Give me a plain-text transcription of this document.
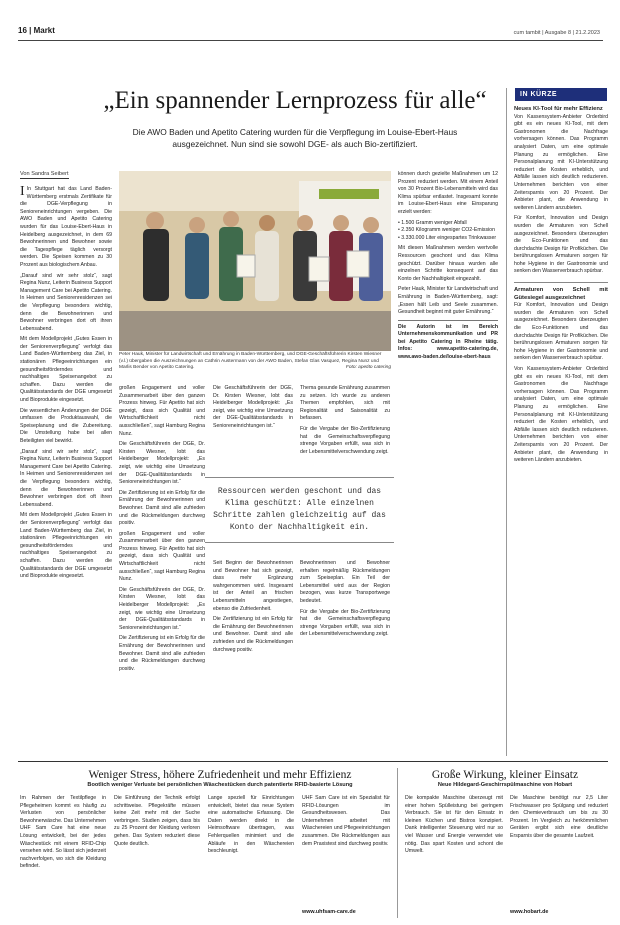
16 | Markt	cum tambit | Ausgabe 8 | 21.2.2023
„Ein spannender Lernprozess für alle“
Die AWO Baden und Apetito Catering wurden für die Verpflegung im Louise-Ebert-Haus
ausgezeichnet. Nun sind sie sowohl DGE- als auch Bio-zertifiziert.
Von Sandra Seibert

I In Stuttgart hat das Land Baden-Württemberg erstmals Zertifikate für die DGE-Verpflegung in Senioreneinrichtungen vergeben. Die AWO Baden und Apetito Catering wurden für das Louise-Ebert-Haus in Heidelberg ausgezeichnet, in dem 69 Bewohnerinnen und Bewohner sowie die Tagespflege täglich versorgt werden. Die Speisen kommen zu 30 Prozent aus biologischem Anbau.

„Darauf sind wir sehr stolz“, sagt Regina Nunz, Leiterin Business Support Management Care bei Apetito Catering. In Heimen und Seniorenresidenzen sei die Verpflegung besonders wichtig, denn die Bewohnerinnen und Bewohner verbringen dort oft ihren Lebensabend.

Mit dem Modellprojekt „Gutes Essen in der Seniorenverpflegung“ verfolgt das Land Baden-Württemberg das Ziel, in stationären Pflegeeinrichtungen ein gesundheitsförderndes und nachhaltiges Speisenangebot zu schaffen. Dazu werden die Qualitätsstandards der DGE umgesetzt und Bioprodukte eingesetzt.

Die wesentlichen Änderungen der DGE umfassen die Produktauswahl, die Speiseplanung und die Zubereitung. Die Umstellung habe bei allen Beteiligten viel bewirkt.

„Darauf sind wir sehr stolz“, sagt Regina Nunz, Leiterin Business Support Management Care bei Apetito Catering. In Heimen und Seniorenresidenzen sei die Verpflegung besonders wichtig, denn die Bewohnerinnen und Bewohner verbringen dort oft ihren Lebensabend.

Mit dem Modellprojekt „Gutes Essen in der Seniorenverpflegung“ verfolgt das Land Baden-Württemberg das Ziel, in stationären Pflegeeinrichtungen ein gesundheitsförderndes und nachhaltiges Speisenangebot zu schaffen. Dazu werden die Qualitätsstandards der DGE umgesetzt und Bioprodukte eingesetzt.

Peter Hauk, Minister für Landwirtschaft und Ernährung in Baden-Württemberg, und DGE-Geschäftsführerin Kirsten Wiesner (v.l.) übergaben die Auszeichnungen an Cathrin Austermann von der AWO Baden, Stefan Glas Vasquez, Regina Nunz und Marlis Bender von Apetito Catering.	Foto: apetito catering

großen Engagement und voller Zusammenarbeit über den ganzen Prozess hinweg. Für Apetito hat sich gezeigt, dass sich Qualität und Wirtschaftlichkeit nicht ausschließen“, sagt Hamburg Regina Nunz.

Die Geschäftsführerin der DGE, Dr. Kirsten Wiesner, lobt das Heidelberger Modellprojekt: „Es zeigt, wie wichtig eine Umsetzung der DGE-Qualitätsstandards in Senioreneinrichtungen ist.“

Die Zertifizierung ist ein Erfolg für die Ernährung der Bewohnerinnen und Bewohner. Damit sind alle zufrieden und die Rückmeldungen durchweg positiv.

großen Engagement und voller Zusammenarbeit über den ganzen Prozess hinweg. Für Apetito hat sich gezeigt, dass sich Qualität und Wirtschaftlichkeit nicht ausschließen“, sagt Hamburg Regina Nunz.

Die Geschäftsführerin der DGE, Dr. Kirsten Wiesner, lobt das Heidelberger Modellprojekt: „Es zeigt, wie wichtig eine Umsetzung der DGE-Qualitätsstandards in Senioreneinrichtungen ist.“

Die Zertifizierung ist ein Erfolg für die Ernährung der Bewohnerinnen und Bewohner. Damit sind alle zufrieden und die Rückmeldungen durchweg positiv.

Die Geschäftsführerin der DGE, Dr. Kirsten Wiesner, lobt das Heidelberger Modellprojekt: „Es zeigt, wie wichtig eine Umsetzung der DGE-Qualitätsstandards in Senioreneinrichtungen ist.“

Thema gesunde Ernährung zusammen zu setzen. Ich wurde zu anderen Themen empfohlen, sich mit Regionalität und Saisonalität zu befassen.

Für die Vergabe der Bio-Zertifizierung hat die Gemeinschaftsverpflegung strenge Vorgaben erfüllt, was sich in der Lebensmittelverschwendung zeigt.

Ressourcen werden geschont und das Klima geschützt: Alle einzelnen Schritte zahlen gleichzeitig auf das Konto der Nachhaltigkeit ein.

Seit Beginn der Bewohnerinnen und Bewohner hat sich gezeigt, dass mehr Ergänzung wahrgenommen wird. Insgesamt ist der Anteil an frischen Lebensmitteln angestiegen, ebenso die Zufriedenheit.

Die Zertifizierung ist ein Erfolg für die Ernährung der Bewohnerinnen und Bewohner. Damit sind alle zufrieden und die Rückmeldungen durchweg positiv.

Bewohnerinnen und Bewohner erhalten regelmäßig Rückmeldungen zum Speiseplan. Ein Teil der Lebensmittel wird aus der Region bezogen, was kurze Transportwege bedeutet.

Für die Vergabe der Bio-Zertifizierung hat die Gemeinschaftsverpflegung strenge Vorgaben erfüllt, was sich in der Lebensmittelverschwendung zeigt.

können durch gezielte Maßnahmen um 12 Prozent reduziert werden. Mit einem Anteil von 30 Prozent Bio-Lebensmitteln wird das Klima spürbar entlastet. Insgesamt konnte im Louise-Ebert-Haus eine Einsparung erzielt werden:

• 1.500 Gramm weniger Abfall

• 2.350 Kilogramm weniger CO2-Emission

• 3.330.000 Liter eingespartes Trinkwasser

Mit diesen Maßnahmen werden wertvolle Ressourcen geschont und das Klima geschützt. Darüber hinaus wurden alle einzelnen Schritte konsequent auf das Konto der Nachhaltigkeit eingezahlt.

Peter Hauk, Minister für Landwirtschaft und Ernährung in Baden-Württemberg, sagt: „Essen hält Leib und Seele zusammen. Gesundheit beginnt mit guter Ernährung.“

Die Autorin ist im Bereich Unternehmenskommunikation und PR bei Apetito Catering in Rheine tätig. Infos: www.apetito-catering.de, www.awo-baden.de/louise-ebert-haus

IN KÜRZE
Neues KI-Tool für mehr Effizienz

Von Kassensystem-Anbieter Orderbird gibt es ein neues KI-Tool, mit dem Gastronomen die Nachfrage vorhersagen können. Das Programm analysiert Daten, um eine optimale Planung zu ermöglichen. Eine Personalplanung mit KI-Unterstützung reduziert die Kosten erheblich, und Abfälle lassen sich deutlich reduzieren. Unternehmen berichten von einer Zeitersparnis von 20 Prozent. Der Anbieter plant, die Anwendung in weiteren Ländern anzubieten.

Für Komfort, Innovation und Design wurden die Armaturen von Schell ausgezeichnet. Besonders überzeugten die Eco-Funktionen und das durchdachte Design für Profiküchen. Die berührungslosen Armaturen sorgen für hohe Hygiene in der Gastronomie und senken den Wasserverbrauch spürbar.

Armaturen von Schell mit Gütesiegel ausgezeichnet

Für Komfort, Innovation und Design wurden die Armaturen von Schell ausgezeichnet. Besonders überzeugten die Eco-Funktionen und das durchdachte Design für Profiküchen. Die berührungslosen Armaturen sorgen für hohe Hygiene in der Gastronomie und senken den Wasserverbrauch spürbar.

Von Kassensystem-Anbieter Orderbird gibt es ein neues KI-Tool, mit dem Gastronomen die Nachfrage vorhersagen können. Das Programm analysiert Daten, um eine optimale Planung zu ermöglichen. Eine Personalplanung mit KI-Unterstützung reduziert die Kosten erheblich, und Abfälle lassen sich deutlich reduzieren. Unternehmen berichten von einer Zeitersparnis von 20 Prozent. Der Anbieter plant, die Anwendung in weiteren Ländern anzubieten.

Weniger Stress, höhere Zufriedenheit und mehr Effizienz
Bootlich weniger Verluste bei persönlichen Wäschestücken durch patentierte RFID-basierte Lösung

Im Rahmen der Textilpflege in Pflegeheimen kommt es häufig zu Verlusten von persönlicher Bewohnerwäsche. Das Unternehmen UHF Sam Care hat eine neue Lösung entwickelt, bei der jedes Wäschestück mit einem RFID-Chip versehen wird. So lässt sich jederzeit nachverfolgen, wo sich die Kleidung befindet.

Die Einführung der Technik erfolgt schrittweise. Pflegekräfte müssen keine Zeit mehr mit der Suche verbringen. Studien zeigen, dass bis zu 25 Prozent der Kleidung verloren gehen. Das System reduziert diese Quote deutlich.

Lange speziell für Einrichtungen entwickelt, bietet das neue System eine automatische Erfassung. Die Daten werden direkt in die Heimsoftware übertragen, was Fehlerquellen minimiert und die Abläufe in den Wäschereien beschleunigt.

UHF Sam Care ist ein Spezialist für RFID-Lösungen im Gesundheitswesen. Das Unternehmen arbeitet mit Wäschereien und Pflegeeinrichtungen zusammen. Die Rückmeldungen aus dem Praxistest sind durchweg positiv.

www.uhfsam-care.de
Große Wirkung, kleiner Einsatz
Neue Hildegard-Geschirrspülmaschine von Hobart

Die kompakte Maschine überzeugt mit einer hohen Spülleistung bei geringem Verbrauch. Sie ist für den Einsatz in kleinen Küchen und Bistros konzipiert. Dank intelligenter Steuerung wird nur so viel Wasser und Energie verwendet wie nötig. Das spart Kosten und schont die Umwelt.

Die Maschine benötigt nur 2,5 Liter Frischwasser pro Spülgang und reduziert den Chemieverbrauch um bis zu 30 Prozent. Im Vergleich zu herkömmlichen Geräten ergibt sich eine deutliche Ersparnis über die gesamte Laufzeit.

www.hobart.de
